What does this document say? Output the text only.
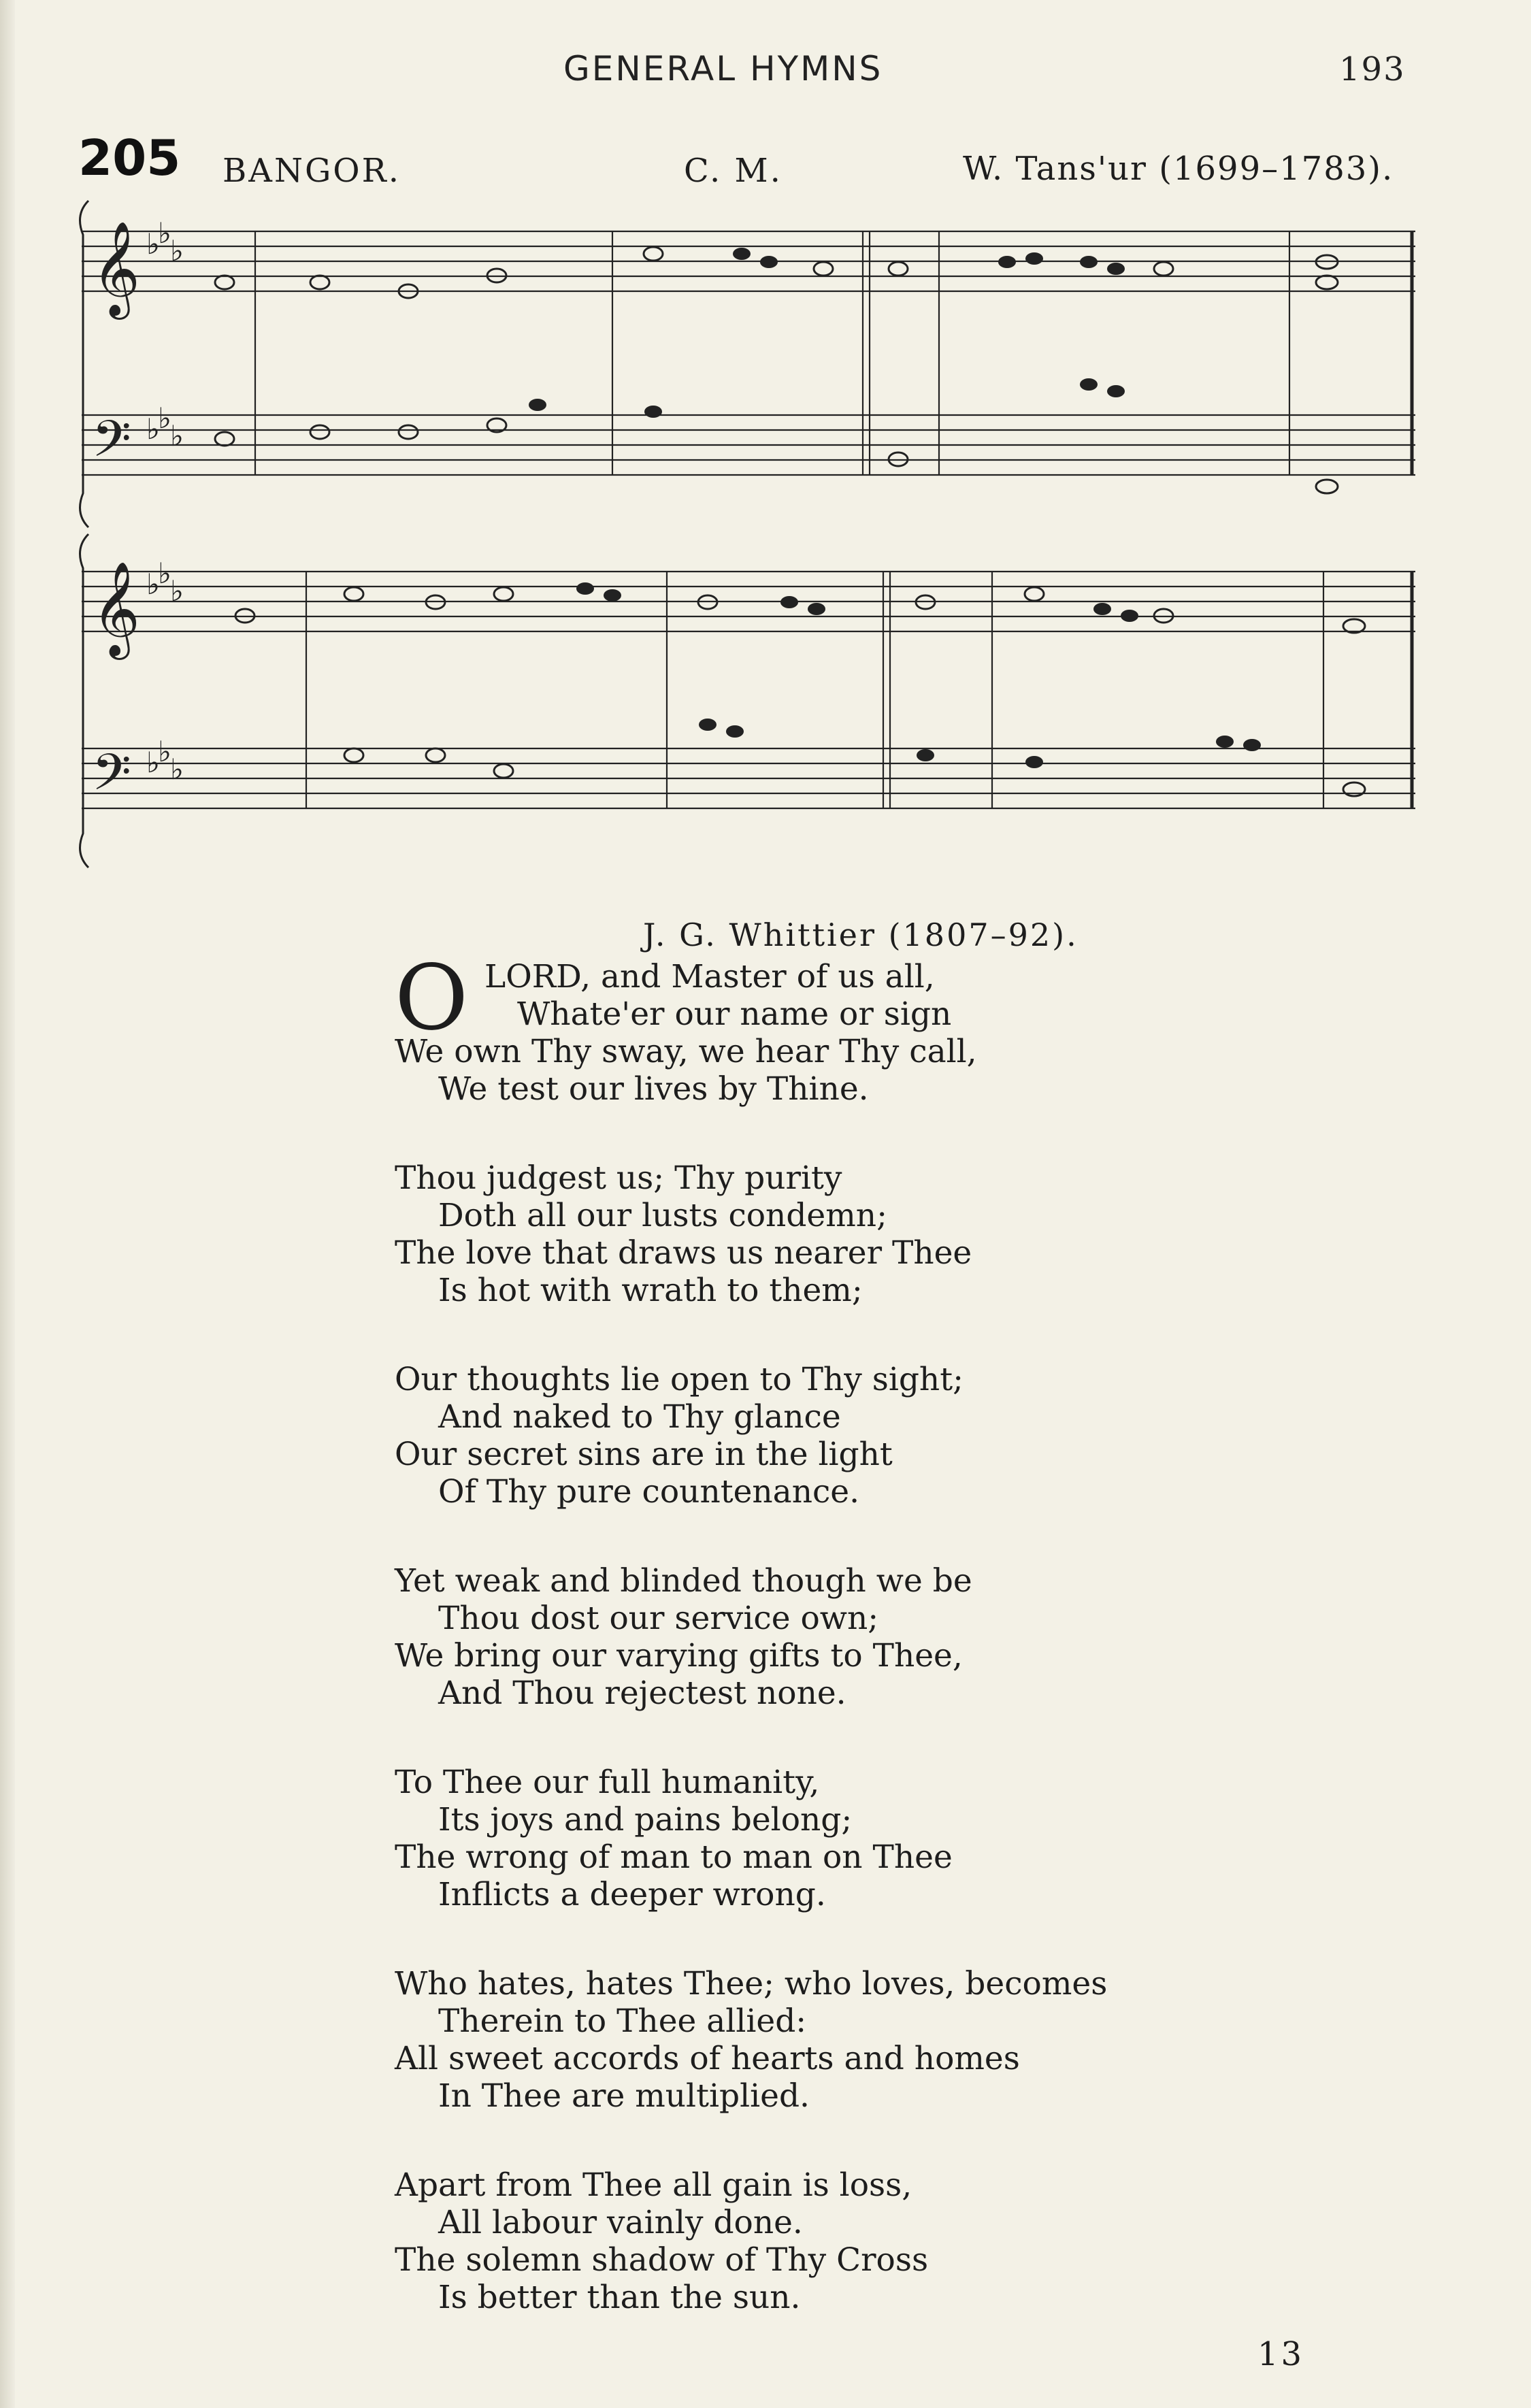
GENERAL HYMNS	193
205 BANGOR.	C. M.	W. Tans'ur (1699–1783).
𝄞
𝄢
♭
♭
♭
♭
♭
♭
𝄞
𝄢
♭
♭
♭
♭
♭
♭
J. G. Whittier (1807–92).
O LORD, and Master of us all,
Whate'er our name or sign
We own Thy sway, we hear Thy call,
We test our lives by Thine.
Thou judgest us; Thy purity
Doth all our lusts condemn;
The love that draws us nearer Thee
Is hot with wrath to them;
Our thoughts lie open to Thy sight;
And naked to Thy glance
Our secret sins are in the light
Of Thy pure countenance.
Yet weak and blinded though we be
Thou dost our service own;
We bring our varying gifts to Thee,
And Thou rejectest none.
To Thee our full humanity,
Its joys and pains belong;
The wrong of man to man on Thee
Inflicts a deeper wrong.
Who hates, hates Thee; who loves, becomes
Therein to Thee allied:
All sweet accords of hearts and homes
In Thee are multiplied.
Apart from Thee all gain is loss,
All labour vainly done.
The solemn shadow of Thy Cross
Is better than the sun.
13
